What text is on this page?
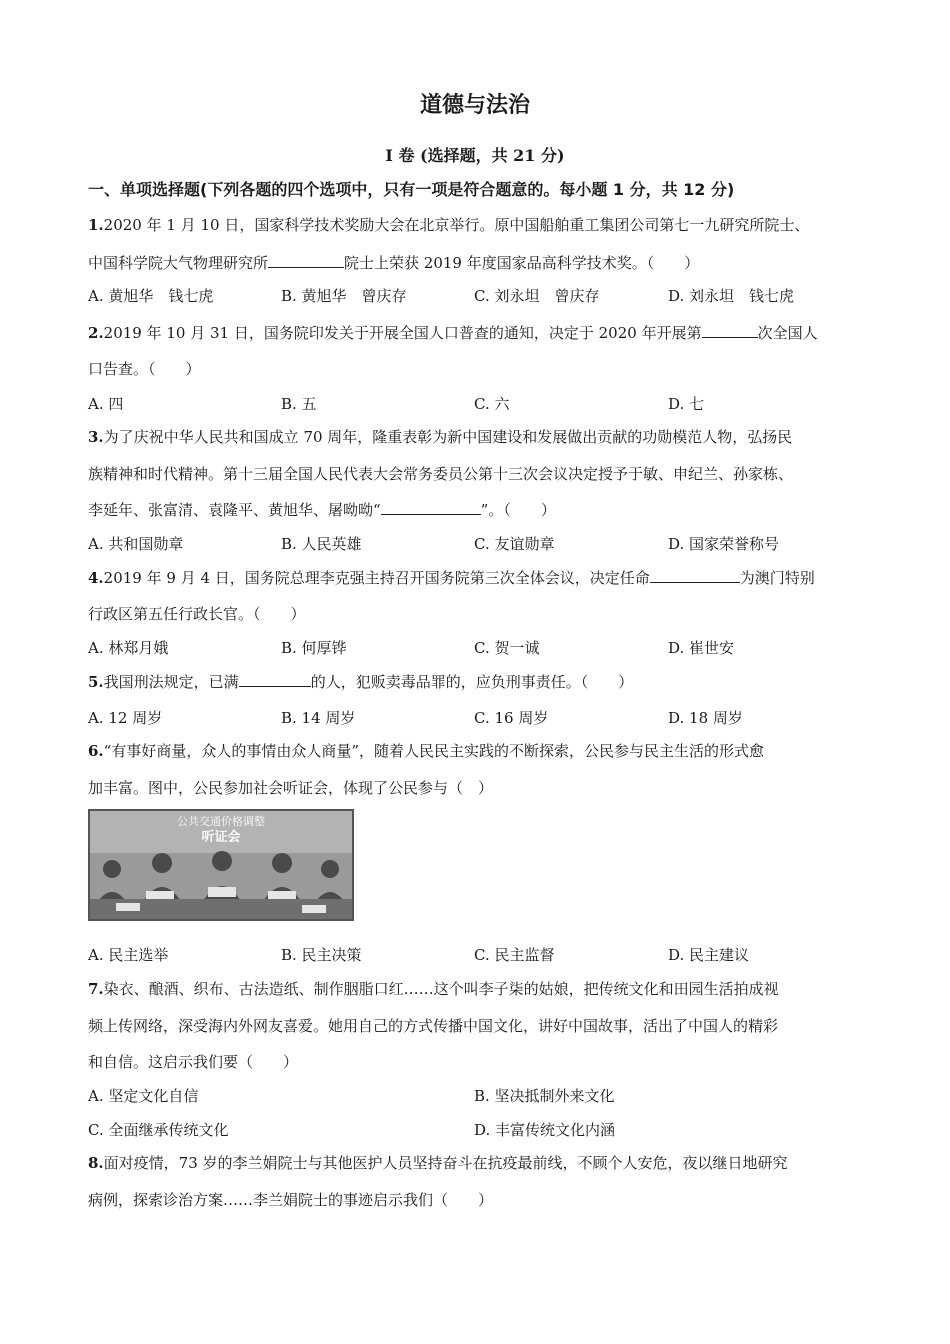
道德与法治
Ⅰ 卷 (选择题，共 21 分)
一、单项选择题(下列各题的四个选项中，只有一项是符合题意的。每小题 1 分，共 12 分)
1.2020 年 1 月 10 日，国家科学技术奖励大会在北京举行。原中国船舶重工集团公司第七一九研究所院士、
中国科学院大气物理研究所	院士上荣获 2019 年度国家品高科学技术奖。（　　）
A. 黄旭华　钱七虎	B. 黄旭华　曾庆存	C. 刘永坦　曾庆存	D. 刘永坦　钱七虎
2.2019 年 10 月 31 日，国务院印发关于开展全国人口普查的通知，决定于 2020 年开展第	次全国人
口告查。（　　）
A. 四	B. 五	C. 六	D. 七
3.为了庆祝中华人民共和国成立 70 周年，隆重表彰为新中国建设和发展做出贡献的功勋模范人物，弘扬民
族精神和时代精神。第十三届全国人民代表大会常务委员公第十三次会议决定授予于敏、申纪兰、孙家栋、
李延年、张富清、袁隆平、黄旭华、屠呦呦“	”。（　　）
A. 共和国勋章	B. 人民英雄	C. 友谊勋章	D. 国家荣誉称号
4.2019 年 9 月 4 日，国务院总理李克强主持召开国务院第三次全体会议，决定任命	为澳门特别
行政区第五任行政长官。（　　）
A. 林郑月娥	B. 何厚铧	C. 贺一诚	D. 崔世安
5.我国刑法规定，已满	的人，犯贩卖毒品罪的，应负刑事责任。（　　）
A. 12 周岁	B. 14 周岁	C. 16 周岁	D. 18 周岁
6.“有事好商量，众人的事情由众人商量”，随着人民民主实践的不断探索，公民参与民主生活的形式愈
加丰富。图中，公民参加社会听证会，体现了公民参与（　）
公共交通价格调整
听证会
A. 民主选举	B. 民主决策	C. 民主监督	D. 民主建议
7.染衣、酿酒、织布、古法造纸、制作胭脂口红……这个叫李子柒的姑娘，把传统文化和田园生活拍成视
频上传网络，深受海内外网友喜爱。她用自己的方式传播中国文化，讲好中国故事，活出了中国人的精彩
和自信。这启示我们要（　　）
A. 坚定文化自信	B. 坚决抵制外来文化
C. 全面继承传统文化	D. 丰富传统文化内涵
8.面对疫情，73 岁的李兰娟院士与其他医护人员坚持奋斗在抗疫最前线，不顾个人安危，夜以继日地研究
病例，探索诊治方案……李兰娟院士的事迹启示我们（　　）
